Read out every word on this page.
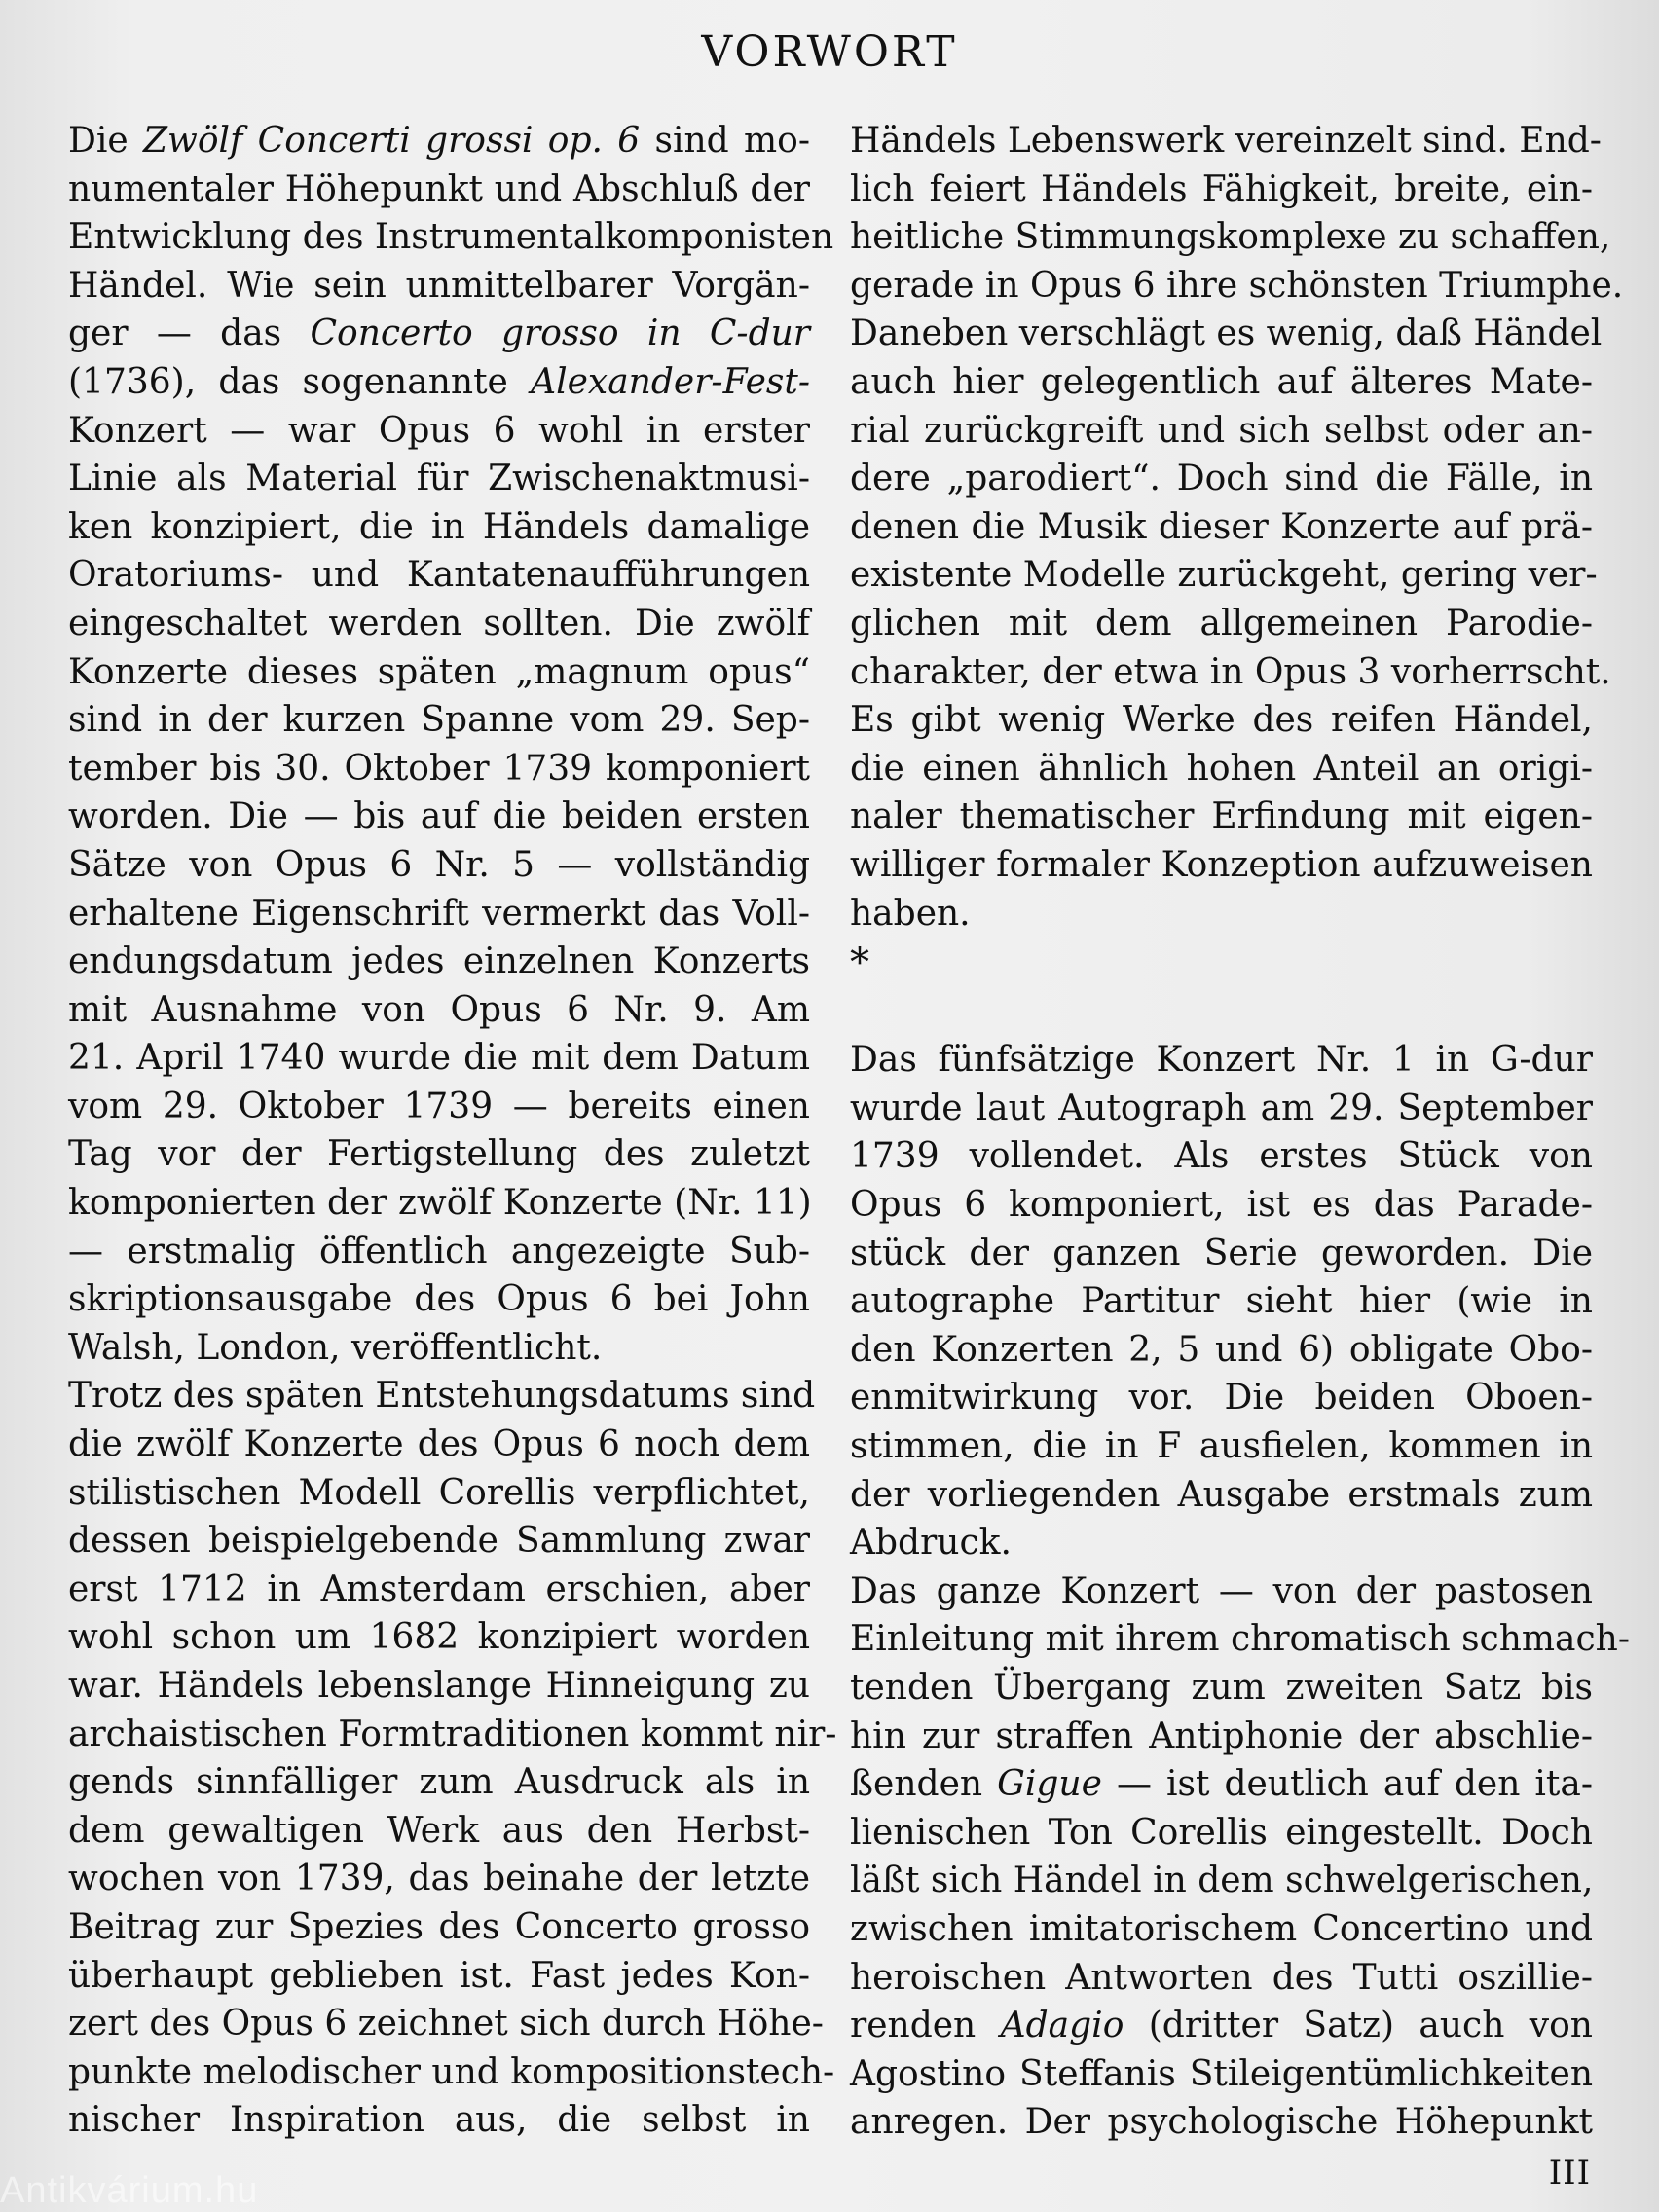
VORWORT

Die Zwölf Concerti grossi op. 6 sind mo-
numentaler Höhepunkt und Abschluß der
Entwicklung des Instrumentalkomponisten
Händel. Wie sein unmittelbarer Vorgän-
ger — das Concerto grosso in C-dur
(1736), das sogenannte Alexander-Fest-
Konzert — war Opus 6 wohl in erster
Linie als Material für Zwischenaktmusi-
ken konzipiert, die in Händels damalige
Oratoriums- und Kantatenaufführungen
eingeschaltet werden sollten. Die zwölf
Konzerte dieses späten „magnum opus“
sind in der kurzen Spanne vom 29. Sep-
tember bis 30. Oktober 1739 komponiert
worden. Die — bis auf die beiden ersten
Sätze von Opus 6 Nr. 5 — vollständig
erhaltene Eigenschrift vermerkt das Voll-
endungsdatum jedes einzelnen Konzerts
mit Ausnahme von Opus 6 Nr. 9. Am
21. April 1740 wurde die mit dem Datum
vom 29. Oktober 1739 — bereits einen
Tag vor der Fertigstellung des zuletzt
komponierten der zwölf Konzerte (Nr. 11)
— erstmalig öffentlich angezeigte Sub-
skriptionsausgabe des Opus 6 bei John
Walsh, London, veröffentlicht.
Trotz des späten Entstehungsdatums sind
die zwölf Konzerte des Opus 6 noch dem
stilistischen Modell Corellis verpflichtet,
dessen beispielgebende Sammlung zwar
erst 1712 in Amsterdam erschien, aber
wohl schon um 1682 konzipiert worden
war. Händels lebenslange Hinneigung zu
archaistischen Formtraditionen kommt nir-
gends sinnfälliger zum Ausdruck als in
dem gewaltigen Werk aus den Herbst-
wochen von 1739, das beinahe der letzte
Beitrag zur Spezies des Concerto grosso
überhaupt geblieben ist. Fast jedes Kon-
zert des Opus 6 zeichnet sich durch Höhe-
punkte melodischer und kompositionstech-
nischer Inspiration aus, die selbst in

Händels Lebenswerk vereinzelt sind. End-
lich feiert Händels Fähigkeit, breite, ein-
heitliche Stimmungskomplexe zu schaffen,
gerade in Opus 6 ihre schönsten Triumphe.
Daneben verschlägt es wenig, daß Händel
auch hier gelegentlich auf älteres Mate-
rial zurückgreift und sich selbst oder an-
dere „parodiert“. Doch sind die Fälle, in
denen die Musik dieser Konzerte auf prä-
existente Modelle zurückgeht, gering ver-
glichen mit dem allgemeinen Parodie-
charakter, der etwa in Opus 3 vorherrscht.
Es gibt wenig Werke des reifen Händel,
die einen ähnlich hohen Anteil an origi-
naler thematischer Erfindung mit eigen-
williger formaler Konzeption aufzuweisen
haben.

*

Das fünfsätzige Konzert Nr. 1 in G-dur
wurde laut Autograph am 29. September
1739 vollendet. Als erstes Stück von
Opus 6 komponiert, ist es das Parade-
stück der ganzen Serie geworden. Die
autographe Partitur sieht hier (wie in
den Konzerten 2, 5 und 6) obligate Obo-
enmitwirkung vor. Die beiden Oboen-
stimmen, die in F ausfielen, kommen in
der vorliegenden Ausgabe erstmals zum
Abdruck.
Das ganze Konzert — von der pastosen
Einleitung mit ihrem chromatisch schmach-
tenden Übergang zum zweiten Satz bis
hin zur straffen Antiphonie der abschlie-
ßenden Gigue — ist deutlich auf den ita-
lienischen Ton Corellis eingestellt. Doch
läßt sich Händel in dem schwelgerischen,
zwischen imitatorischem Concertino und
heroischen Antworten des Tutti oszillie-
renden Adagio (dritter Satz) auch von
Agostino Steffanis Stileigentümlichkeiten
anregen. Der psychologische Höhepunkt

III
Antikvárium.hu
